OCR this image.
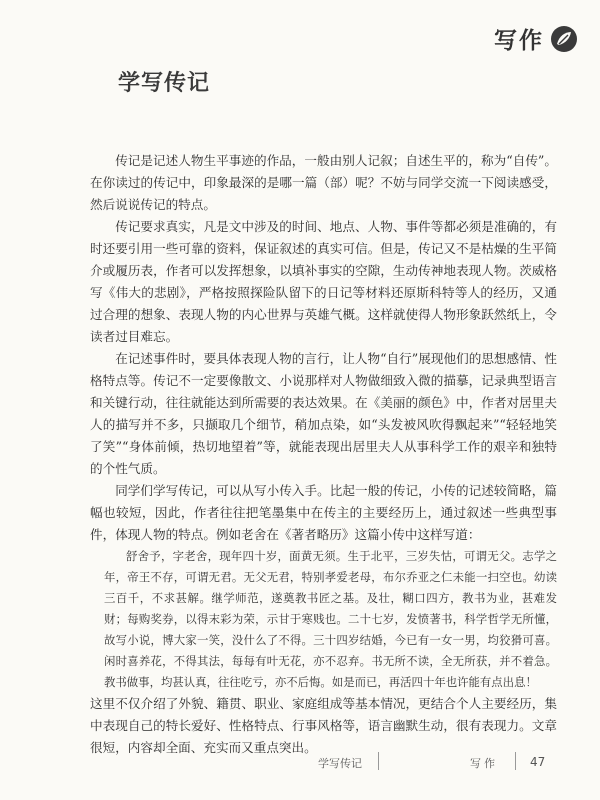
写作
学写传记

传记是记述人物生平事迹的作品，一般由别人记叙；自述生平的，称为“自传”。在你读过的传记中，印象最深的是哪一篇（部）呢？不妨与同学交流一下阅读感受，然后说说传记的特点。

传记要求真实，凡是文中涉及的时间、地点、人物、事件等都必须是准确的，有时还要引用一些可靠的资料，保证叙述的真实可信。但是，传记又不是枯燥的生平简介或履历表，作者可以发挥想象，以填补事实的空隙，生动传神地表现人物。茨威格写《伟大的悲剧》，严格按照探险队留下的日记等材料还原斯科特等人的经历，又通过合理的想象、表现人物的内心世界与英雄气概。这样就使得人物形象跃然纸上，令读者过目难忘。

在记述事件时，要具体表现人物的言行，让人物“自行”展现他们的思想感情、性格特点等。传记不一定要像散文、小说那样对人物做细致入微的描摹，记录典型语言和关键行动，往往就能达到所需要的表达效果。在《美丽的颜色》中，作者对居里夫人的描写并不多，只撷取几个细节，稍加点染，如“头发被风吹得飘起来”“轻轻地笑了笑”“身体前倾，热切地望着”等，就能表现出居里夫人从事科学工作的艰辛和独特的个性气质。

同学们学写传记，可以从写小传入手。比起一般的传记，小传的记述较简略，篇幅也较短，因此，作者往往把笔墨集中在传主的主要经历上，通过叙述一些典型事件，体现人物的特点。例如老舍在《著者略历》这篇小传中这样写道：

舒舍予，字老舍，现年四十岁，面黄无须。生于北平，三岁失怙，可谓无父。志学之年，帝王不存，可谓无君。无父无君，特别孝爱老母，布尔乔亚之仁未能一扫空也。幼读三百千，不求甚解。继学师范，遂奠教书匠之基。及壮，糊口四方，教书为业，甚难发财；每购奖券，以得末彩为荣，示甘于寒贱也。二十七岁，发愤著书，科学哲学无所懂，故写小说，博大家一笑，没什么了不得。三十四岁结婚，今已有一女一男，均狡猾可喜。闲时喜养花，不得其法，每每有叶无花，亦不忍弃。书无所不读，全无所获，并不着急。教书做事，均甚认真，往往吃亏，亦不后悔。如是而已，再活四十年也许能有点出息！

这里不仅介绍了外貌、籍贯、职业、家庭组成等基本情况，更结合个人主要经历，集中表现自己的特长爱好、性格特点、行事风格等，语言幽默生动，很有表现力。文章很短，内容却全面、充实而又重点突出。

学写传记	写作	47
